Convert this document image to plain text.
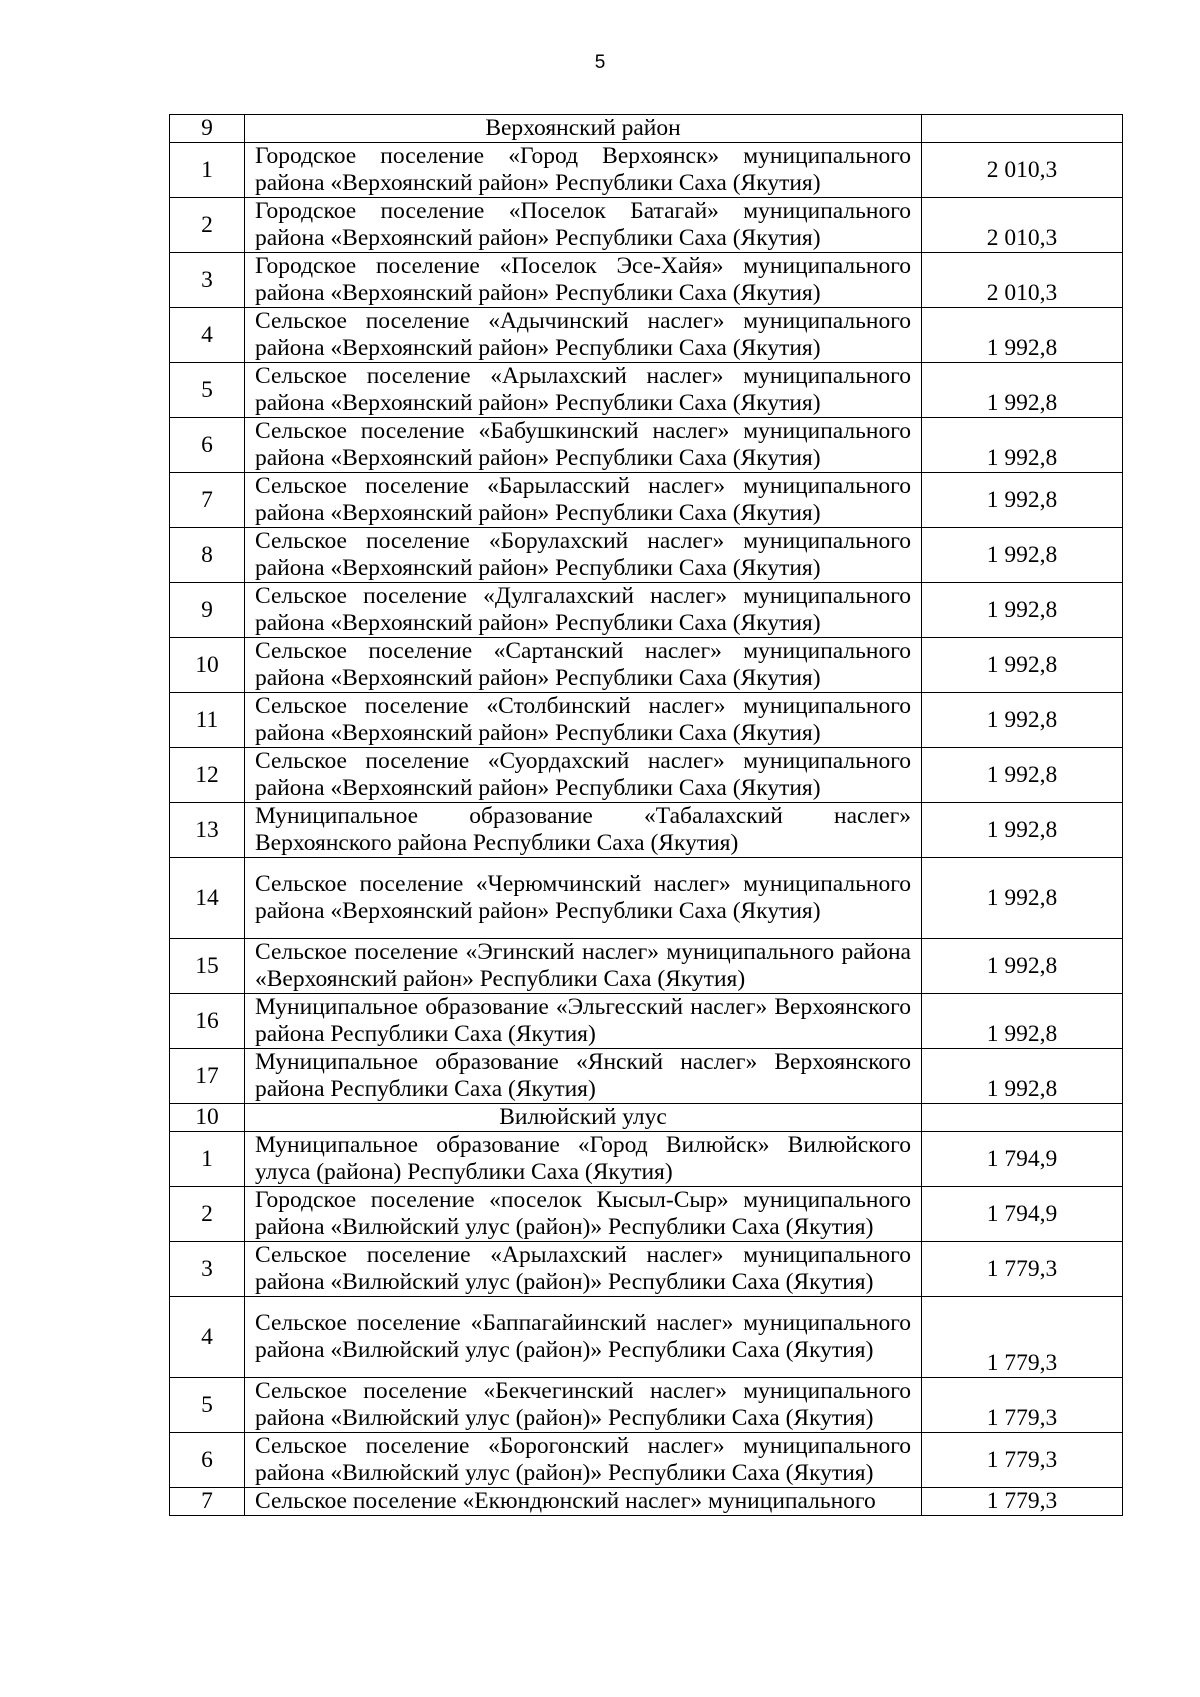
5
9	Верхоянский район	
1	Городское поселение «Город Верхоянск» муниципального района «Верхоянский район» Республики Саха (Якутия)	2 010,3
2	Городское поселение «Поселок Батагай» муниципального района «Верхоянский район» Республики Саха (Якутия)	2 010,3
3	Городское поселение «Поселок Эсе-Хайя» муниципального района «Верхоянский район» Республики Саха (Якутия)	2 010,3
4	Сельское поселение «Адычинский наслег» муниципального района «Верхоянский район» Республики Саха (Якутия)	1 992,8
5	Сельское поселение «Арылахский наслег» муниципального района «Верхоянский район» Республики Саха (Якутия)	1 992,8
6	Сельское поселение «Бабушкинский наслег» муниципального района «Верхоянский район» Республики Саха (Якутия)	1 992,8
7	Сельское поселение «Барыласский наслег» муниципального района «Верхоянский район» Республики Саха (Якутия)	1 992,8
8	Сельское поселение «Борулахский наслег» муниципального района «Верхоянский район» Республики Саха (Якутия)	1 992,8
9	Сельское поселение «Дулгалахский наслег» муниципального района «Верхоянский район» Республики Саха (Якутия)	1 992,8
10	Сельское поселение «Сартанский наслег» муниципального района «Верхоянский район» Республики Саха (Якутия)	1 992,8
11	Сельское поселение «Столбинский наслег» муниципального района «Верхоянский район» Республики Саха (Якутия)	1 992,8
12	Сельское поселение «Суордахский наслег» муниципального района «Верхоянский район» Республики Саха (Якутия)	1 992,8
13	Муниципальное образование «Табалахский наслег» Верхоянского района Республики Саха (Якутия)	1 992,8
14	Сельское поселение «Черюмчинский наслег» муниципального района «Верхоянский район» Республики Саха (Якутия)	1 992,8
15	Сельское поселение «Эгинский наслег» муниципального района «Верхоянский район» Республики Саха (Якутия)	1 992,8
16	Муниципальное образование «Эльгесский наслег» Верхоянского района Республики Саха (Якутия)	1 992,8
17	Муниципальное образование «Янский наслег» Верхоянского района Республики Саха (Якутия)	1 992,8
10	Вилюйский улус	
1	Муниципальное образование «Город Вилюйск» Вилюйского улуса (района) Республики Саха (Якутия)	1 794,9
2	Городское поселение «поселок Кысыл-Сыр» муниципального района «Вилюйский улус (район)» Республики Саха (Якутия)	1 794,9
3	Сельское поселение «Арылахский наслег» муниципального района «Вилюйский улус (район)» Республики Саха (Якутия)	1 779,3
4	Сельское поселение «Баппагайинский наслег» муниципального района «Вилюйский улус (район)» Республики Саха (Якутия)	1 779,3
5	Сельское поселение «Бекчегинский наслег» муниципального района «Вилюйский улус (район)» Республики Саха (Якутия)	1 779,3
6	Сельское поселение «Борогонский наслег» муниципального района «Вилюйский улус (район)» Республики Саха (Якутия)	1 779,3
7	Сельское поселение «Екюндюнский наслег» муниципального	1 779,3
